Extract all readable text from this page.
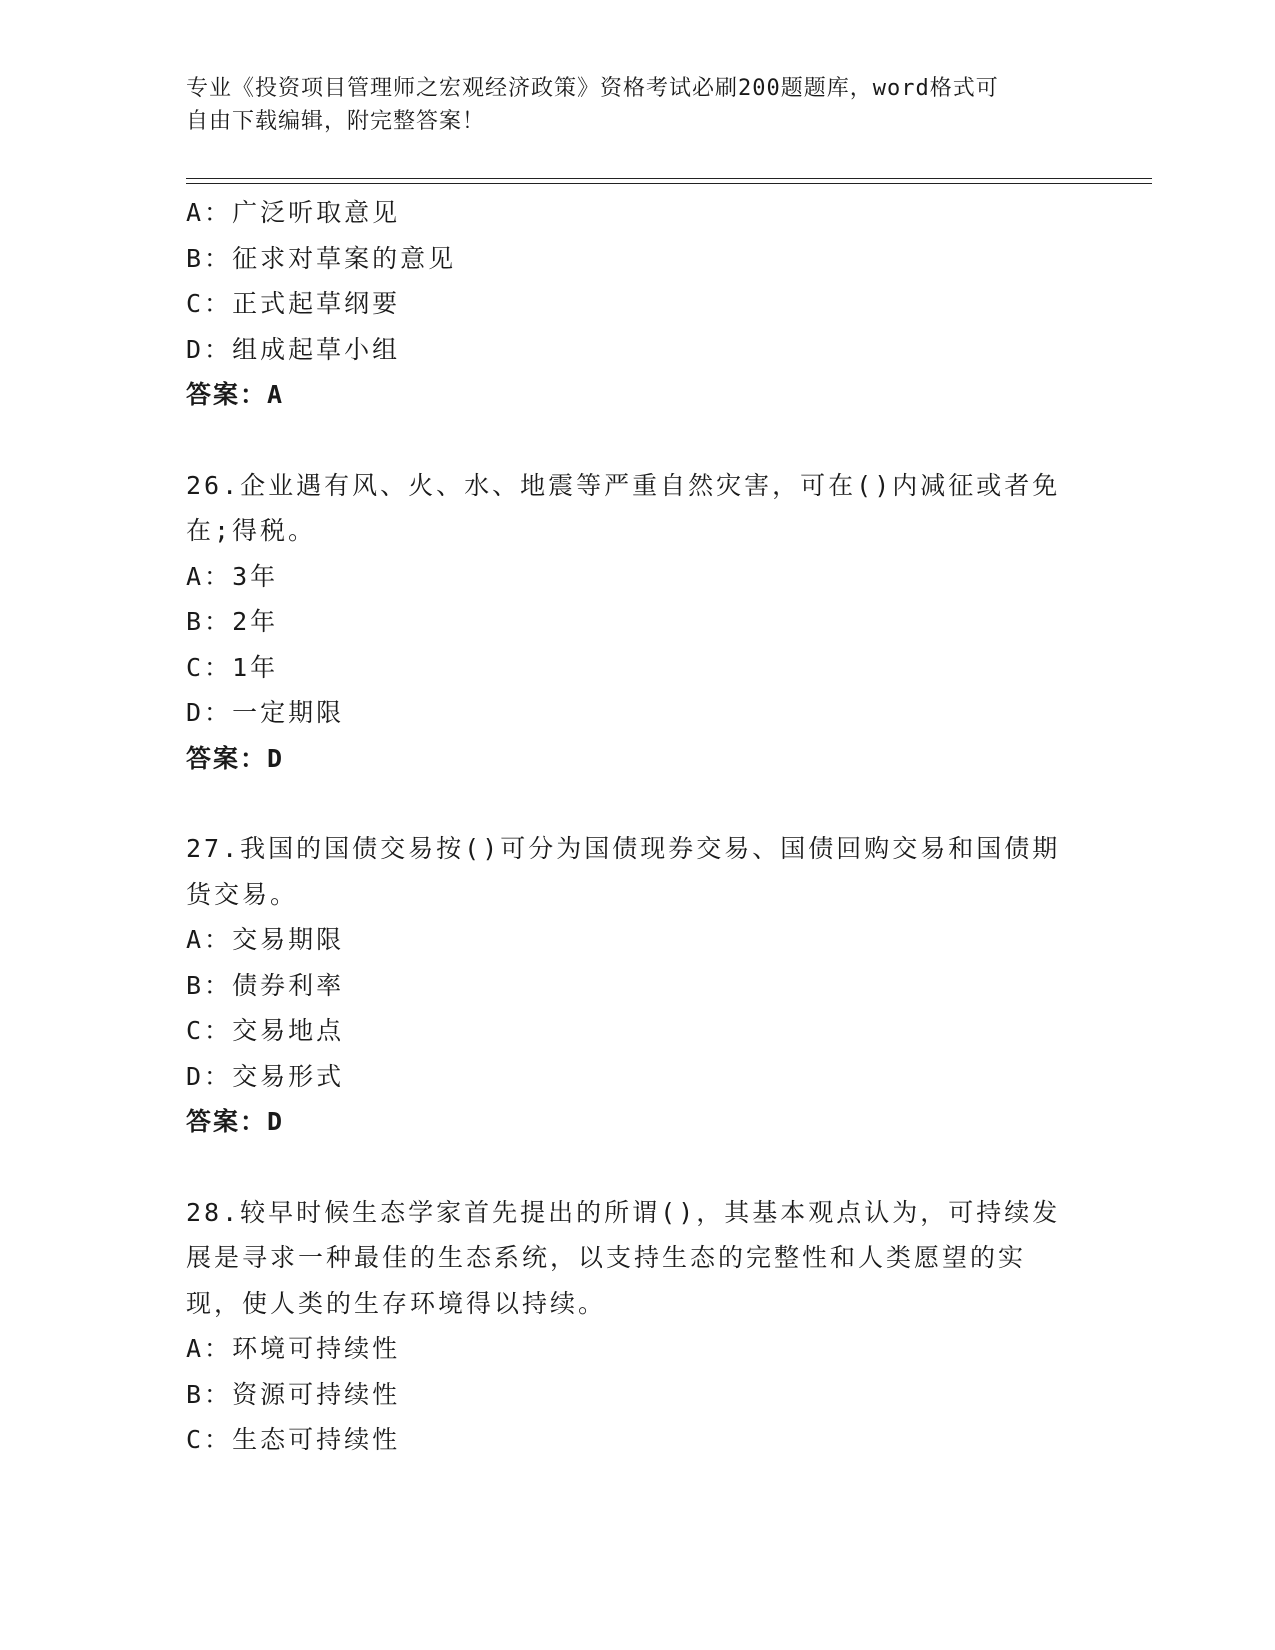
专业《投资项目管理师之宏观经济政策》资格考试必刷200题题库，word格式可
自由下载编辑，附完整答案！
A：广泛听取意见
B：征求对草案的意见
C：正式起草纲要
D：组成起草小组
答案：A
26.企业遇有风、火、水、地震等严重自然灾害，可在()内减征或者免
在;得税。
A：3年
B：2年
C：1年
D：一定期限
答案：D
27.我国的国债交易按()可分为国债现券交易、国债回购交易和国债期
货交易。
A：交易期限
B：债券利率
C：交易地点
D：交易形式
答案：D
28.较早时候生态学家首先提出的所谓()，其基本观点认为，可持续发
展是寻求一种最佳的生态系统，以支持生态的完整性和人类愿望的实
现，使人类的生存环境得以持续。
A：环境可持续性
B：资源可持续性
C：生态可持续性
